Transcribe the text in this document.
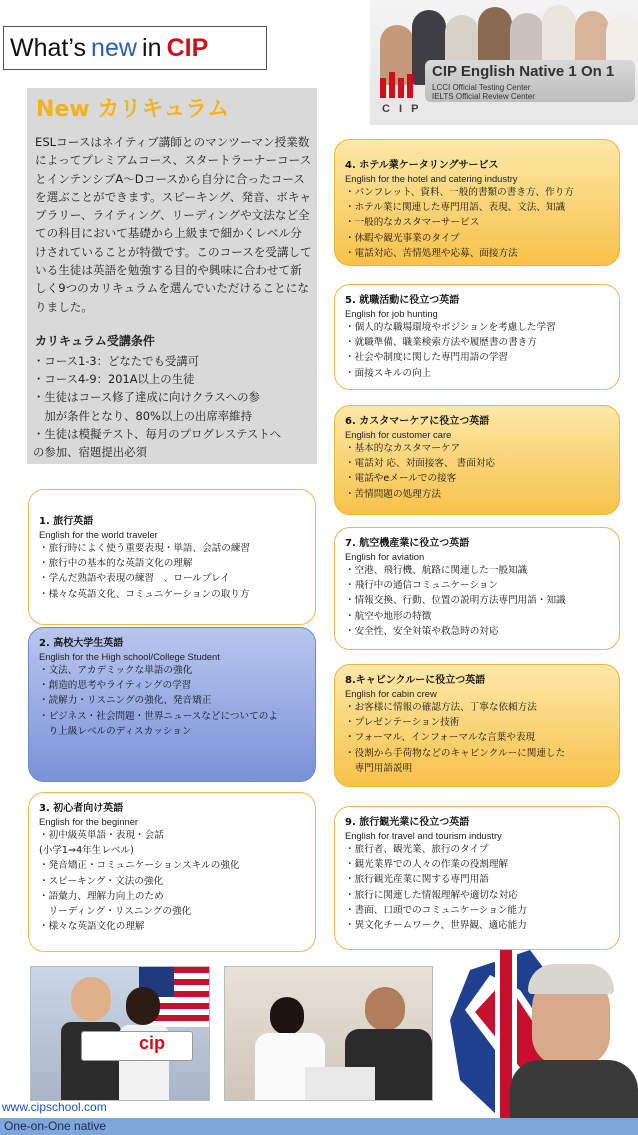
What’s new in CIP
CIP English Native 1 On 1
LCCI Official Testing Center
IELTS Official Review Center
C I P
New カリキュラム
ESLコースはネイティブ講師とのマンツーマン授業数によってプレミアムコース、スタートラーナーコースとインテンシブA～Dコースから自分に合ったコースを選ぶことができます。スピーキング、発音、ボキャブラリー、ライティング、リーディングや文法など全ての科目において基礎から上級まで細かくレベル分けされていることが特徴です。このコースを受講している生徒は英語を勉強する目的や興味に合わせて新しく9つのカリキュラムを選んでいただけることになりました。
カリキュラム受講条件
・コース1-3：どなたでも受講可
・コース4-9：201A以上の生徒
・生徒はコース修了達成に向けクラスへの参
　加が条件となり、80%以上の出席率維持
・生徒は模擬テスト、毎月のプログレステストへ
の参加、宿題提出必須
1. 旅行英語
English for the world traveler
・旅行時によく使う重要表現・単語、会話の練習
・旅行中の基本的な英語文化の理解
・学んだ熟語や表現の練習　、ロールプレイ
・様々な英語文化、コミュニケーションの取り方
2. 高校大学生英語
English for the High school/College Student
・文法、アカデミックな単語の強化
・創造的思考やライティングの学習
・読解力・リスニングの強化、発音矯正
・ビジネス・社会問題・世界ニュースなどについてのよ
　り上級レベルのディスカッション
3. 初心者向け英語
English for the beginner
・初中級英単語・表現・会話
(小学1⇒4年生レベル)
・発音矯正・コミュニケーションスキルの強化
・スピーキング・文法の強化
・語彙力、理解力向上のため
　リーディング・リスニングの強化
・様々な英語文化の理解
4. ホテル業ケータリングサービス
English for the hotel and catering industry
・パンフレット、資料、一般的書類の書き方、作り方
・ホテル業に関連した専門用語、表現、文法、知識
・一般的なカスタマーサービス
・休暇や観光事業のタイプ
・電話対応、苦情処理や応募、面接方法
5. 就職活動に役立つ英語
English for job hunting
・個人的な職場環境やポジションを考慮した学習
・就職準備、職業検索方法や履歴書の書き方
・社会や制度に関した専門用語の学習
・面接スキルの向上
6. カスタマーケアに役立つ英語
English for customer care
・基本的なカスタマーケア
・電話対 応、対面接客、 書面対応
・電話やeメールでの接客
・苦情問題の処理方法
7. 航空機産業に役立つ英語
English for aviation
・空港、飛行機、航路に関連した一般知識
・飛行中の通信コミュニケーション
・情報交換、行動、位置の説明方法専門用語・知識
・航空や地形の特徴
・安全性、安全対策や救急時の対応
8.キャビンクルーに役立つ英語
English for cabin crew
・お客様に情報の確認方法、丁寧な依頼方法
・プレゼンテーション技術
・フォーマル、インフォーマルな言葉や表現
・役割から手荷物などのキャビンクルーに関連した
　専門用語説明
9. 旅行観光業に役立つ英語
English for travel and tourism industry
・旅行者、観光業、旅行のタイプ
・観光業界での人々の作業の役割理解
・旅行観光産業に関する専門用語
・旅行に関連した情報理解や適切な対応
・書面、口頭でのコミュニケーション能力
・異文化チームワーク、世界観、適応能力
cip
www.cipschool.com
One-on-One native
